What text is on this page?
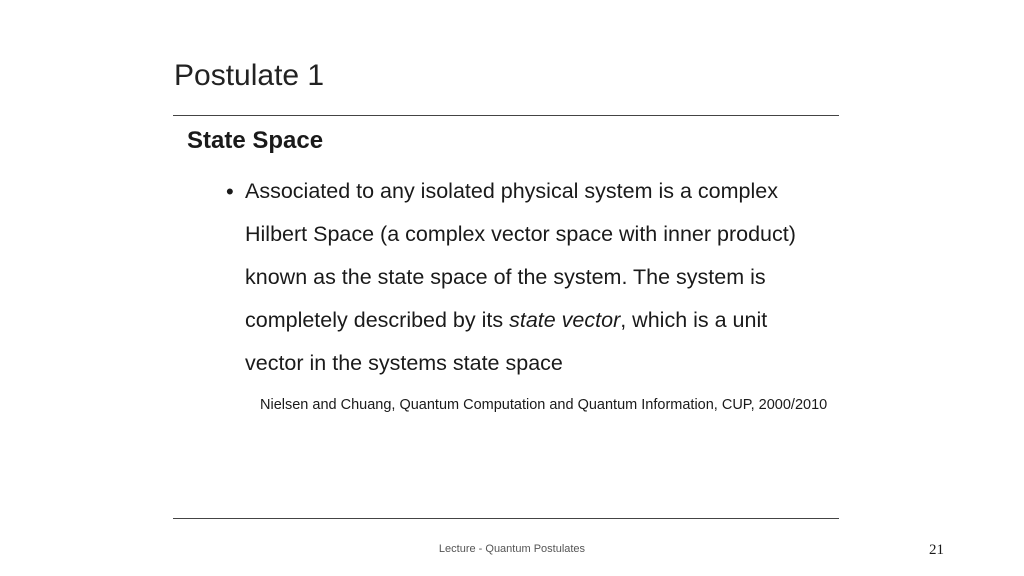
Postulate 1
State Space
• Associated to any isolated physical system is a complex
Hilbert Space (a complex vector space with inner product)
known as the state space of the system. The system is
completely described by its state vector, which is a unit
vector in the systems state space
Nielsen and Chuang, Quantum Computation and Quantum Information, CUP, 2000/2010
Lecture - Quantum Postulates	21
